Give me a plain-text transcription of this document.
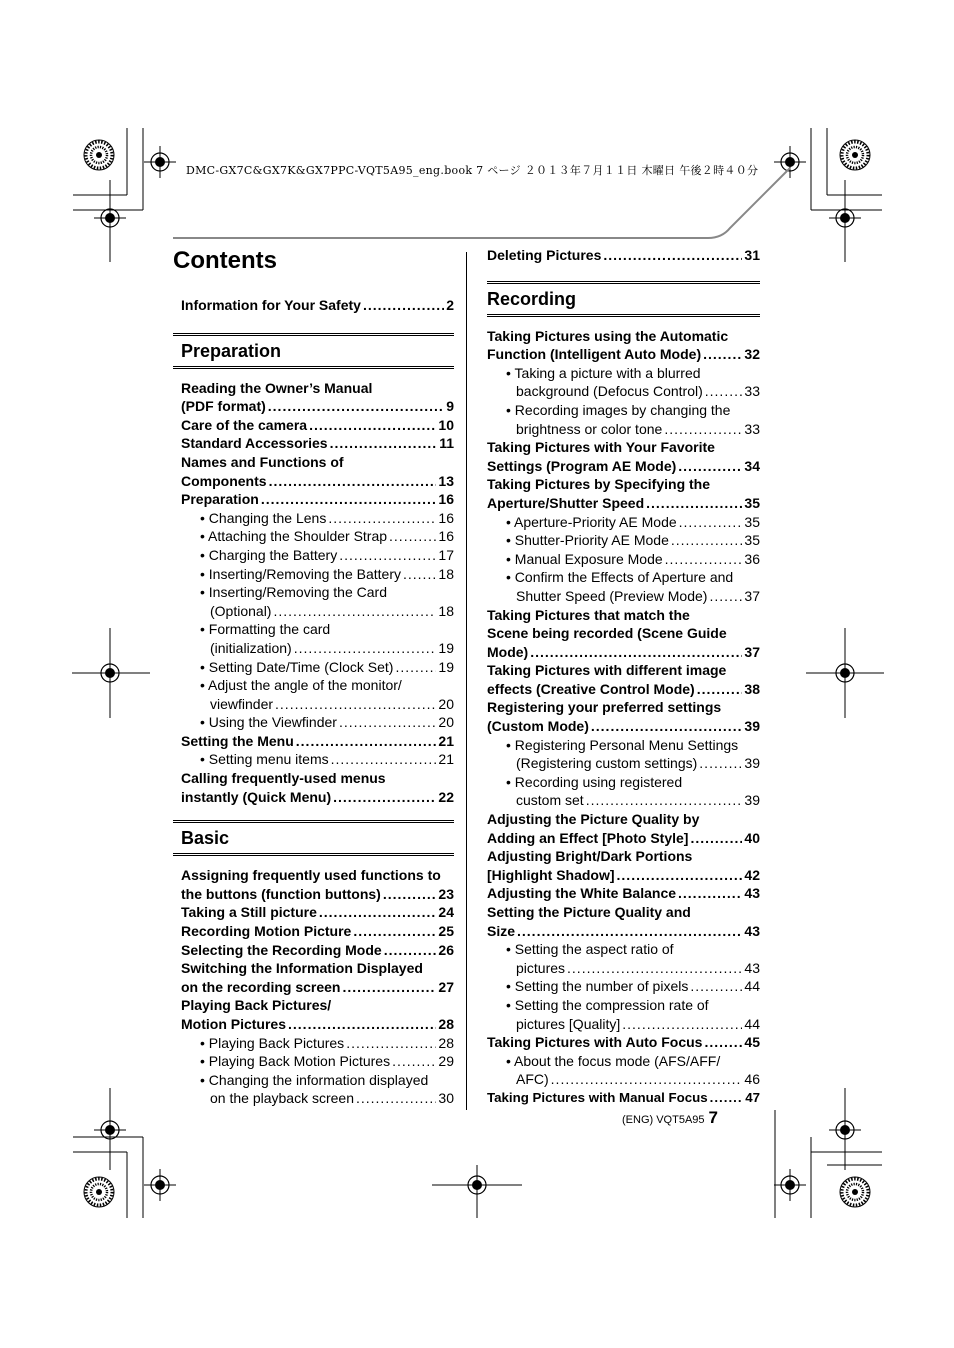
DMC-GX7C&GX7K&GX7PPC-VQT5A95_eng.book 7 ページ ２０１３年７月１１日 木曜日 午後２時４０分
Contents
Information for Your Safety .....	2
Preparation
Reading the Owner’s Manual
(PDF format) .....	9
Care of the camera .....	10
Standard Accessories .....	11
Names and Functions of
Components .....	13
Preparation .....	16
• Changing the Lens .....	16
• Attaching the Shoulder Strap .....	16
• Charging the Battery .....	17
• Inserting/Removing the Battery .....	18
• Inserting/Removing the Card
(Optional) .....	18
• Formatting the card
(initialization) .....	19
• Setting Date/Time (Clock Set) .....	19
• Adjust the angle of the monitor/
viewfinder .....	20
• Using the Viewfinder .....	20
Setting the Menu .....	21
• Setting menu items .....	21
Calling frequently-used menus
instantly (Quick Menu) .....	22
Basic
Assigning frequently used functions to
the buttons (function buttons) .....	23
Taking a Still picture .....	24
Recording Motion Picture .....	25
Selecting the Recording Mode .....	26
Switching the Information Displayed
on the recording screen .....	27
Playing Back Pictures/
Motion Pictures .....	28
• Playing Back Pictures .....	28
• Playing Back Motion Pictures .....	29
• Changing the information displayed
on the playback screen .....	30
Deleting Pictures .....	31
Recording
Taking Pictures using the Automatic
Function (Intelligent Auto Mode) .....	32
• Taking a picture with a blurred
background (Defocus Control) .....	33
• Recording images by changing the
brightness or color tone .....	33
Taking Pictures with Your Favorite
Settings (Program AE Mode) .....	34
Taking Pictures by Specifying the
Aperture/Shutter Speed .....	35
• Aperture-Priority AE Mode .....	35
• Shutter-Priority AE Mode .....	35
• Manual Exposure Mode .....	36
• Confirm the Effects of Aperture and
Shutter Speed (Preview Mode) .....	37
Taking Pictures that match the
Scene being recorded (Scene Guide
Mode) .....	37
Taking Pictures with different image
effects (Creative Control Mode) .....	38
Registering your preferred settings
(Custom Mode) .....	39
• Registering Personal Menu Settings
(Registering custom settings) .....	39
• Recording using registered
custom set .....	39
Adjusting the Picture Quality by
Adding an Effect [Photo Style] .....	40
Adjusting Bright/Dark Portions
[Highlight Shadow] .....	42
Adjusting the White Balance .....	43
Setting the Picture Quality and
Size .....	43
• Setting the aspect ratio of
pictures .....	43
• Setting the number of pixels .....	44
• Setting the compression rate of
pictures [Quality] .....	44
Taking Pictures with Auto Focus .....	45
• About the focus mode (AFS/AFF/
AFC) .....	46
Taking Pictures with Manual Focus .....	47
(ENG) VQT5A95 7
